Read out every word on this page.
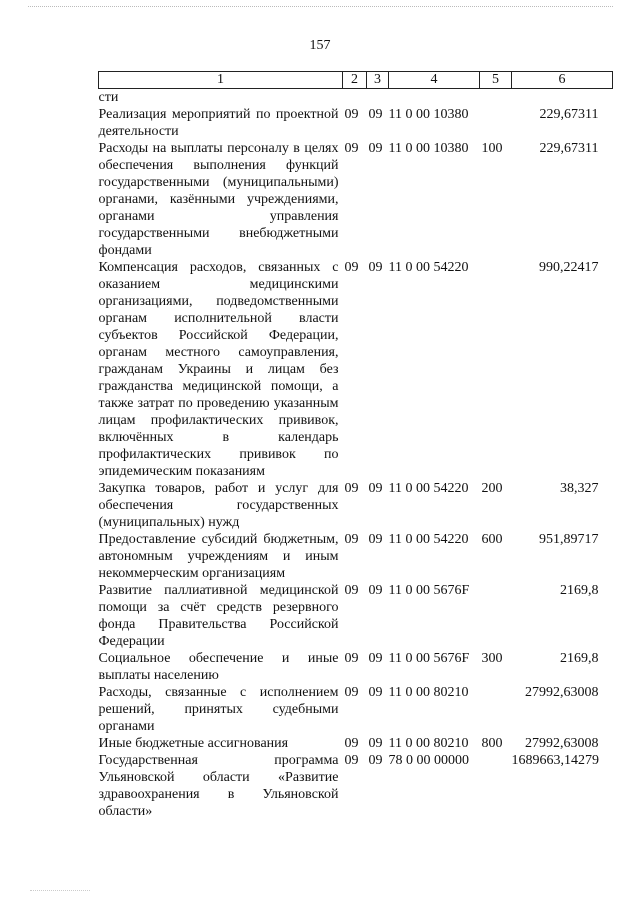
157
1	2	3	4	5	6
сти					
Реализация мероприятий по проектной деятельности	09	09	11 0 00 10380		229,67311
Расходы на выплаты персоналу в целях обеспечения выполнения функций государственными (муниципальными) органами, казёнными учреждениями, органами управления государственными внебюджетными фондами	09	09	11 0 00 10380	100	229,67311
Компенсация расходов, связанных с оказанием медицинскими организациями, подведомственными органам исполнительной власти субъектов Российской Федерации, органам местного самоуправления, гражданам Украины и лицам без гражданства медицинской помощи, а также затрат по проведению указанным лицам профилактических прививок, включённых в календарь профилактических прививок по эпидемическим показаниям	09	09	11 0 00 54220		990,22417
Закупка товаров, работ и услуг для обеспечения государственных (муниципальных) нужд	09	09	11 0 00 54220	200	38,327
Предоставление субсидий бюджетным, автономным учреждениям и иным некоммерческим организациям	09	09	11 0 00 54220	600	951,89717
Развитие паллиативной медицинской помощи за счёт средств резервного фонда Правительства Российской Федерации	09	09	11 0 00 5676F		2169,8
Социальное обеспечение и иные выплаты населению	09	09	11 0 00 5676F	300	2169,8
Расходы, связанные с исполнением решений, принятых судебными органами	09	09	11 0 00 80210		27992,63008
Иные бюджетные ассигнования	09	09	11 0 00 80210	800	27992,63008
Государственная программа Ульяновской области «Развитие здравоохранения в Ульяновской области»	09	09	78 0 00 00000		1689663,14279
